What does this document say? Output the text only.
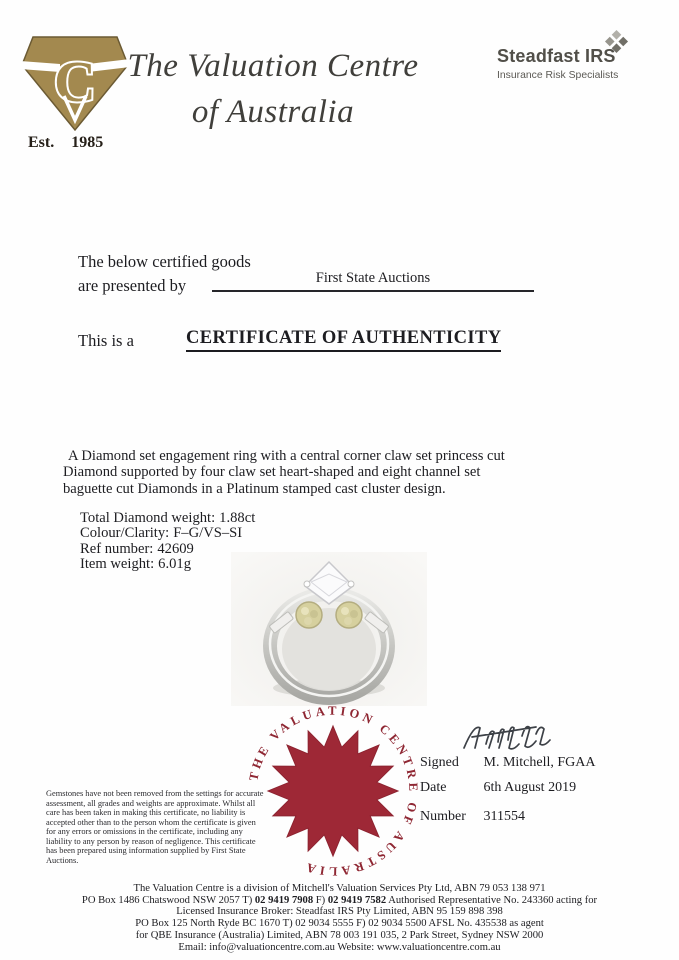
C
Est. 1985
The Valuation Centre
of Australia
Steadfast IRS
Insurance Risk Specialists
The below certified goods
are presented by	First State Auctions
This is a	CERTIFICATE OF AUTHENTICITY
A Diamond set engagement ring with a central corner claw set princess cut Diamond supported by four claw set heart-shaped and eight channel set baguette cut Diamonds in a Platinum stamped cast cluster design.
Total Diamond weight: 1.88ct
Colour/Clarity: F–G/VS–SI
Ref number: 42609
Item weight: 6.01g
THE VALUATION CENTRE OF AUSTRALIA
Signed M. Mitchell, FGAA
Date	6th August 2019
Number 311554
Gemstones have not been removed from the settings for accurate assessment, all grades and weights are approximate. Whilst all care has been taken in making this certificate, no liability is accepted other than to the person whom the certificate is given for any errors or omissions in the certificate, including any liability to any person by reason of negligence. This certificate has been prepared using information supplied by First State Auctions.
The Valuation Centre is a division of Mitchell's Valuation Services Pty Ltd, ABN 79 053 138 971
PO Box 1486 Chatswood NSW 2057 T) 02 9419 7908 F) 02 9419 7582 Authorised Representative No. 243360 acting for
Licensed Insurance Broker: Steadfast IRS Pty Limited, ABN 95 159 898 398
PO Box 125 North Ryde BC 1670 T) 02 9034 5555 F) 02 9034 5500 AFSL No. 435538 as agent
for QBE Insurance (Australia) Limited, ABN 78 003 191 035, 2 Park Street, Sydney NSW 2000
Email: info@valuationcentre.com.au Website: www.valuationcentre.com.au
